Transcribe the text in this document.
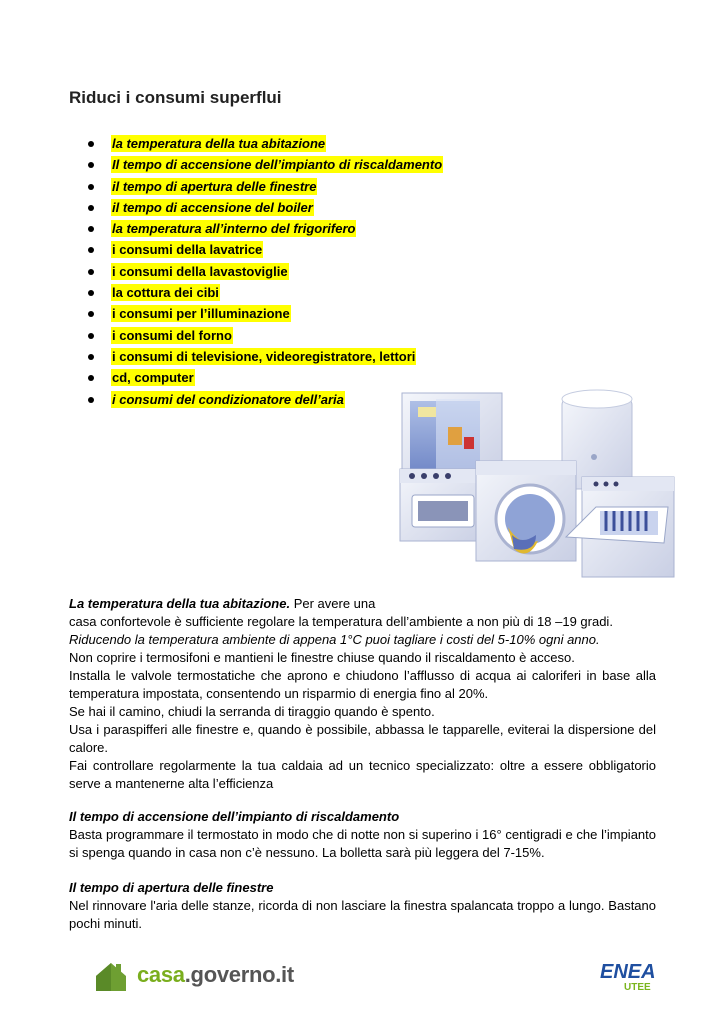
Riduci i consumi superflui
la temperatura della tua abitazione
Il tempo di accensione dell’impianto di riscaldamento
il tempo di apertura delle finestre
il tempo di accensione del boiler
la temperatura all’interno del frigorifero
i consumi della lavatrice
i consumi della lavastoviglie
la cottura dei cibi
i consumi per l’illuminazione
i consumi del forno
i consumi di televisione, videoregistratore, lettori
cd, computer
i consumi del condizionatore dell’aria

La temperatura della tua abitazione. Per avere una

casa confortevole è sufficiente regolare la temperatura dell’ambiente a non più di 18 –19 gradi.

Riducendo la temperatura ambiente di appena 1°C puoi tagliare i costi del 5-10% ogni anno.

Non coprire i termosifoni e mantieni le finestre chiuse quando il riscaldamento è acceso.

Installa le valvole termostatiche che aprono e chiudono l’afflusso di acqua ai caloriferi in base alla temperatura impostata, consentendo un risparmio di energia fino al 20%.

Se hai il camino, chiudi la serranda di tiraggio quando è spento.

Usa i paraspifferi alle finestre e, quando è possibile, abbassa le tapparelle, eviterai la dispersione del calore.

Fai controllare regolarmente la tua caldaia ad un tecnico specializzato: oltre a essere obbligatorio serve a mantenerne alta l’efficienza

Il tempo di accensione dell’impianto di riscaldamento

Basta programmare il termostato in modo che di notte non si superino i 16° centigradi e che l’impianto si spenga quando in casa non c’è nessuno. La bolletta sarà più leggera del 7-15%.

Il tempo di apertura delle finestre

Nel rinnovare l'aria delle stanze, ricorda di non lasciare la finestra spalancata troppo a lungo. Bastano pochi minuti.

casa.governo.it	ENEA
UTEE
